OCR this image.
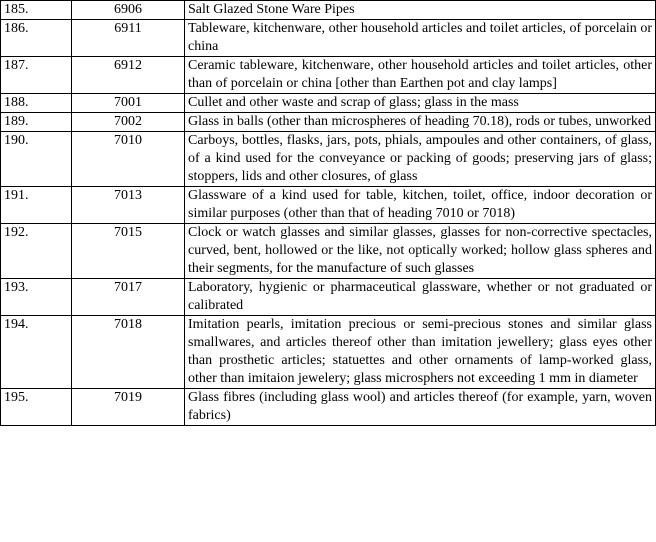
185.	6906	Salt Glazed Stone Ware Pipes
186.	6911	Tableware, kitchenware, other household articles and toilet articles, of porcelain or china
187.	6912	Ceramic tableware, kitchenware, other household articles and toilet articles, other than of porcelain or china [other than Earthen pot and clay lamps]
188.	7001	Cullet and other waste and scrap of glass; glass in the mass
189.	7002	Glass in balls (other than microspheres of heading 70.18), rods or tubes, unworked
190.	7010	Carboys, bottles, flasks, jars, pots, phials, ampoules and other containers, of glass, of a kind used for the conveyance or packing of goods; preserving jars of glass; stoppers, lids and other closures, of glass
191.	7013	Glassware of a kind used for table, kitchen, toilet, office, indoor decoration or similar purposes (other than that of heading 7010 or 7018)
192.	7015	Clock or watch glasses and similar glasses, glasses for non-corrective spectacles, curved, bent, hollowed or the like, not optically worked; hollow glass spheres and their segments, for the manufacture of such glasses
193.	7017	Laboratory, hygienic or pharmaceutical glassware, whether or not graduated or calibrated
194.	7018	Imitation pearls, imitation precious or semi-precious stones and similar glass smallwares, and articles thereof other than imitation jewellery; glass eyes other than prosthetic articles; statuettes and other ornaments of lamp-worked glass, other than imitaion jewelery; glass microsphers not exceeding 1 mm in diameter
195.	7019	Glass fibres (including glass wool) and articles thereof (for example, yarn, woven fabrics)
